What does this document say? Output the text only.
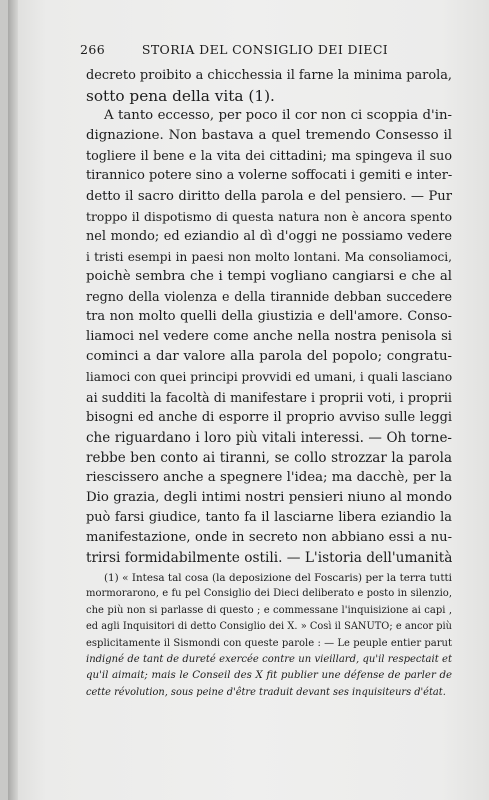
266	STORIA DEL CONSIGLIO DEI DIECI
decreto proibito a chicchessia il farne la minima parola,
sotto pena della vita (1).
A tanto eccesso, per poco il cor non ci scoppia d'in-
dignazione. Non bastava a quel tremendo Consesso il
togliere il bene e la vita dei cittadini; ma spingeva il suo
tirannico potere sino a volerne soffocati i gemiti e inter-
detto il sacro diritto della parola e del pensiero. — Pur
troppo il dispotismo di questa natura non è ancora spento
nel mondo; ed eziandio al dì d'oggi ne possiamo vedere
i tristi esempi in paesi non molto lontani. Ma consoliamoci,
poichè sembra che i tempi vogliano cangiarsi e che al
regno della violenza e della tirannide debban succedere
tra non molto quelli della giustizia e dell'amore. Conso-
liamoci nel vedere come anche nella nostra penisola si
cominci a dar valore alla parola del popolo; congratu-
liamoci con quei principi provvidi ed umani, i quali lasciano
ai sudditi la facoltà di manifestare i proprii voti, i proprii
bisogni ed anche di esporre il proprio avviso sulle leggi
che riguardano i loro più vitali interessi. — Oh torne-
rebbe ben conto ai tiranni, se collo strozzar la parola
riescissero anche a spegnere l'idea; ma dacchè, per la
Dio grazia, degli intimi nostri pensieri niuno al mondo
può farsi giudice, tanto fa il lasciarne libera eziandio la
manifestazione, onde in secreto non abbiano essi a nu-
trirsi formidabilmente ostili. — L'istoria dell'umanità
(1) « Intesa tal cosa (la deposizione del Foscaris) per la terra tutti
mormorarono, e fu pel Consiglio dei Dieci deliberato e posto in silenzio,
che più non si parlasse di questo ; e commessane l'inquisizione ai capi ,
ed agli Inquisitori di detto Consiglio dei X. » Così il SANUTO; e ancor più
esplicitamente il Sismondi con queste parole : — Le peuple entier parut
indigné de tant de dureté exercée contre un vieillard, qu'il respectait et
qu'il aimait; mais le Conseil des X fit publier une défense de parler de
cette révolution, sous peine d'être traduit devant ses inquisiteurs d'état.
